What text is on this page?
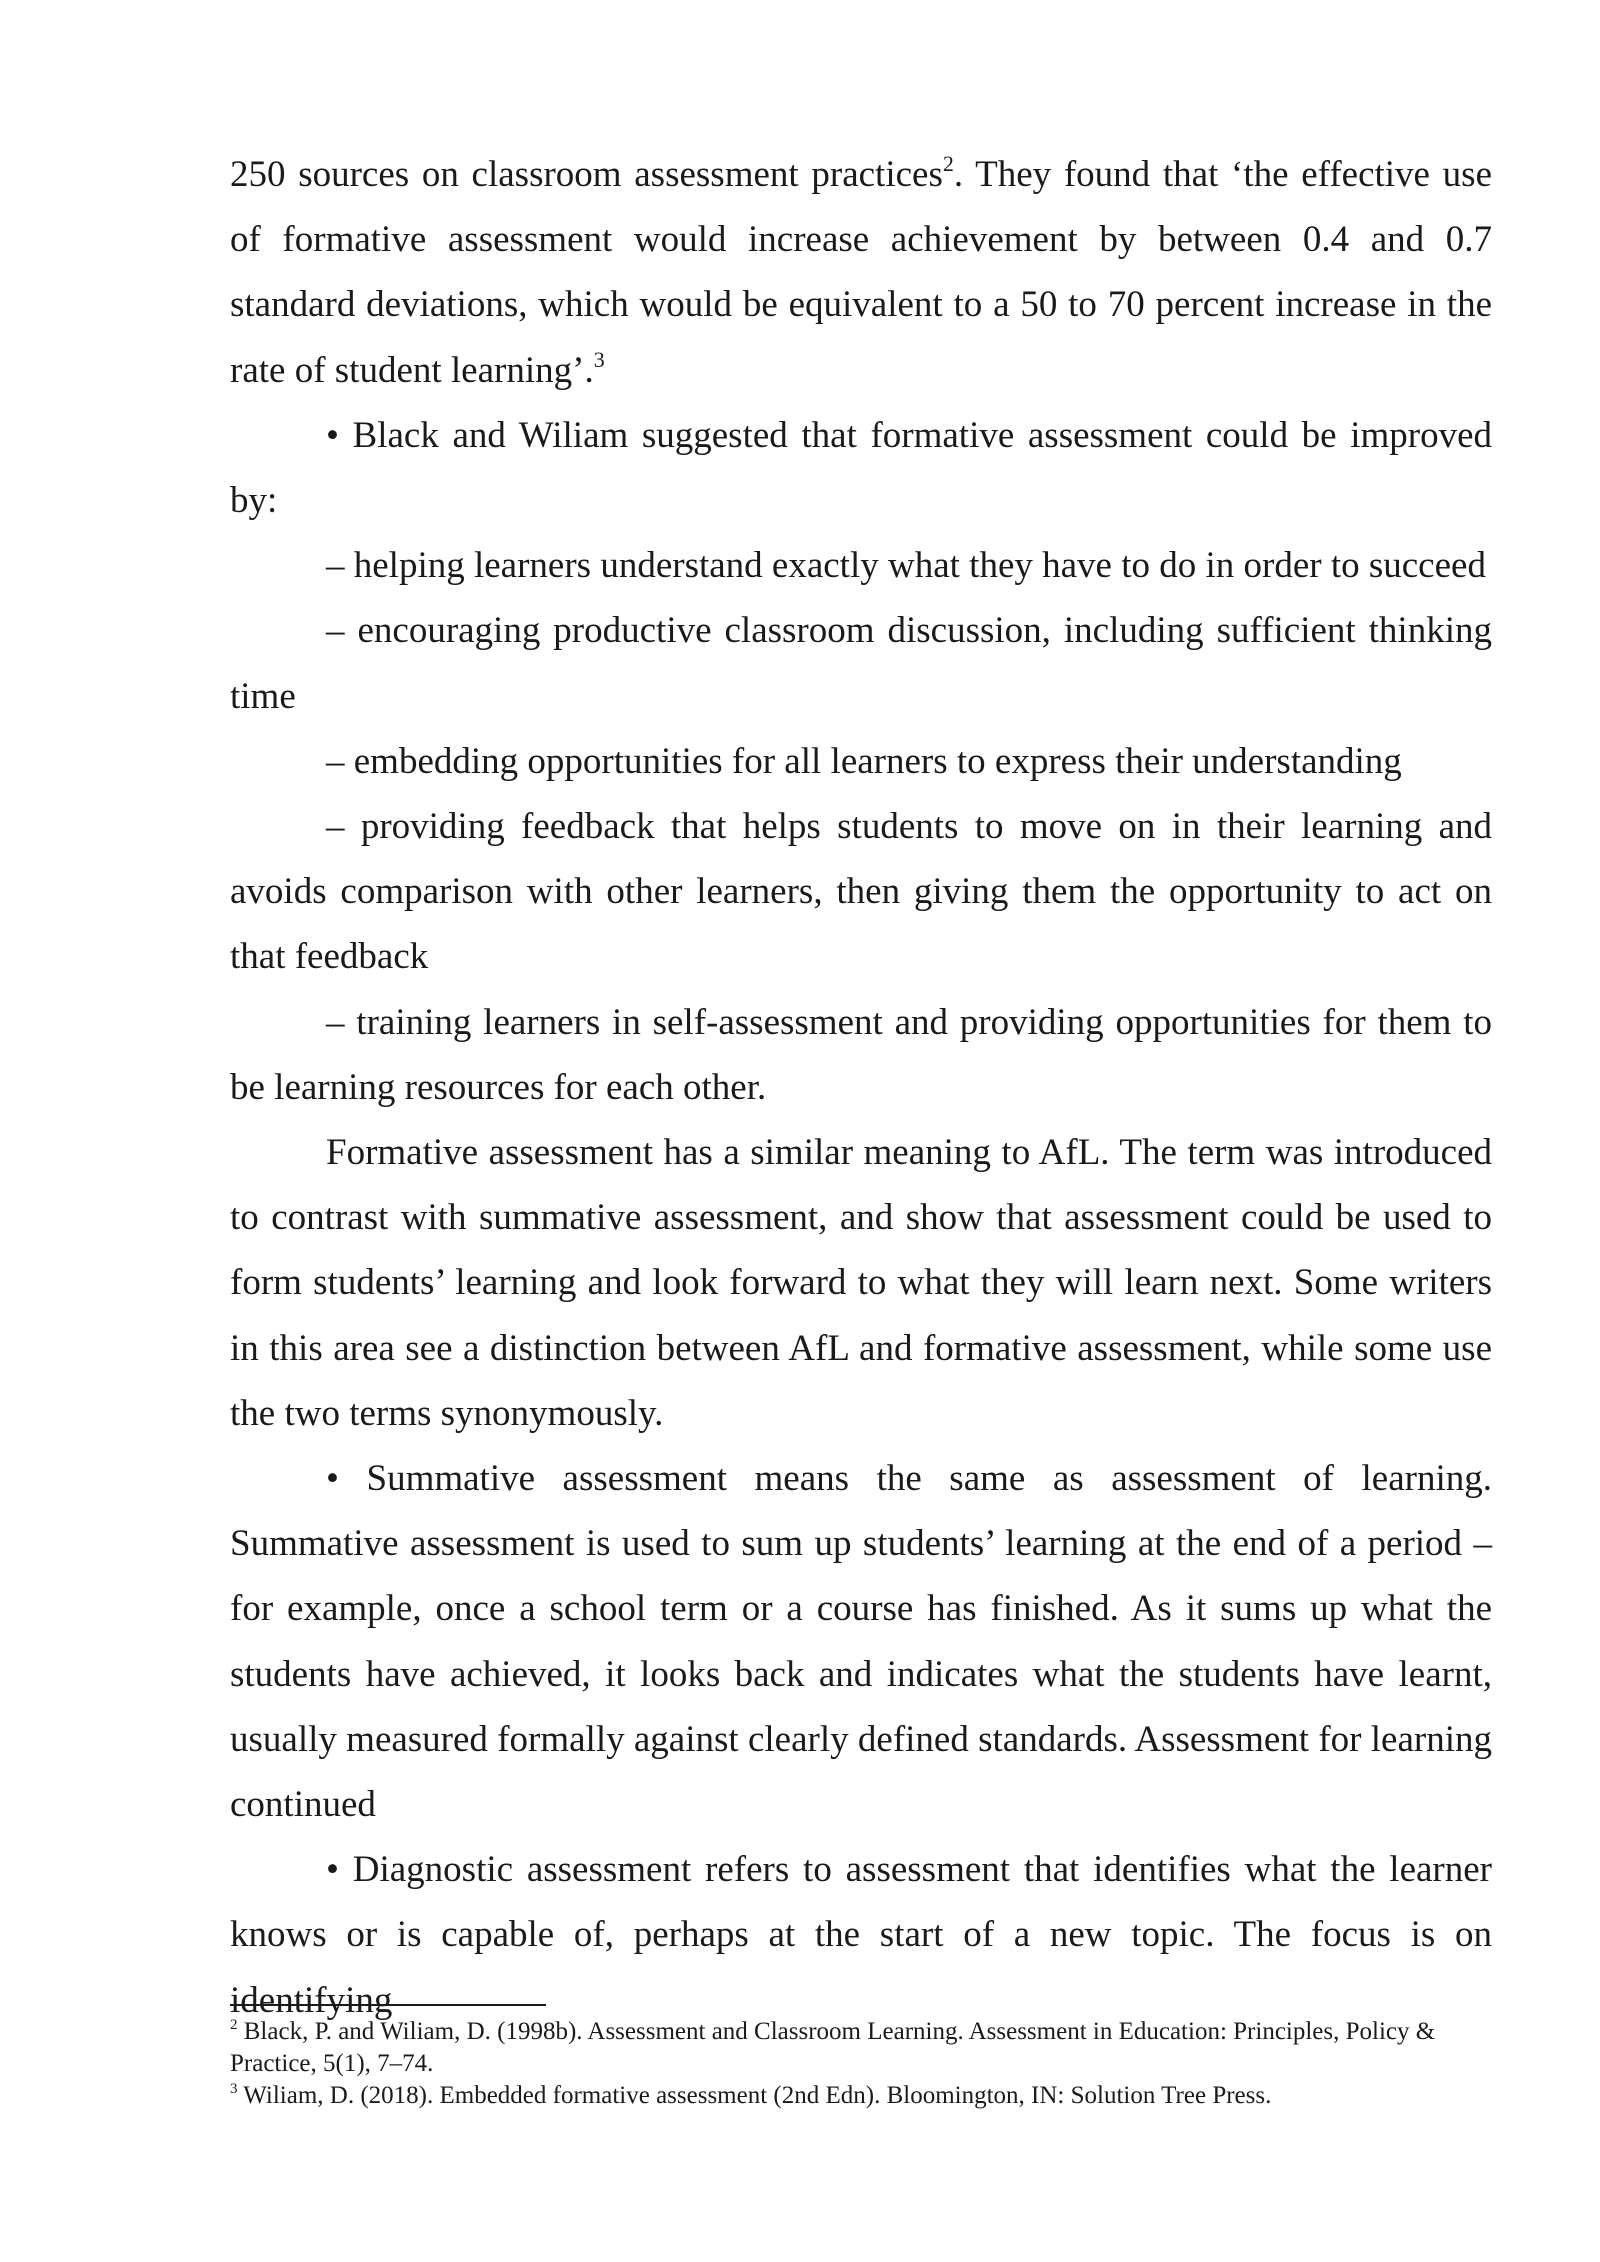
250 sources on classroom assessment practices$^2$. They found that ‘the effective use of formative assessment would increase achievement by between 0.4 and 0.7 standard deviations, which would be equivalent to a 50 to 70 percent increase in the rate of student learning’.$^3$

• Black and Wiliam suggested that formative assessment could be improved by:

– helping learners understand exactly what they have to do in order to succeed

– encouraging productive classroom discussion, including sufficient thinking time

– embedding opportunities for all learners to express their understanding

– providing feedback that helps students to move on in their learning and avoids comparison with other learners, then giving them the opportunity to act on that feedback

– training learners in self-assessment and providing opportunities for them to be learning resources for each other.

Formative assessment has a similar meaning to AfL. The term was introduced to contrast with summative assessment, and show that assessment could be used to form students’ learning and look forward to what they will learn next. Some writers in this area see a distinction between AfL and formative assessment, while some use the two terms synonymously.

• Summative assessment means the same as assessment of learning. Summative assessment is used to sum up students’ learning at the end of a period – for example, once a school term or a course has finished. As it sums up what the students have achieved, it looks back and indicates what the students have learnt, usually measured formally against clearly defined standards. Assessment for learning continued

• Diagnostic assessment refers to assessment that identifies what the learner knows or is capable of, perhaps at the start of a new topic. The focus is on identifying

$^2$ Black, P. and Wiliam, D. (1998b). Assessment and Classroom Learning. Assessment in Education: Principles, Policy & Practice, 5(1), 7–74.

$^3$ Wiliam, D. (2018). Embedded formative assessment (2nd Edn). Bloomington, IN: Solution Tree Press.
